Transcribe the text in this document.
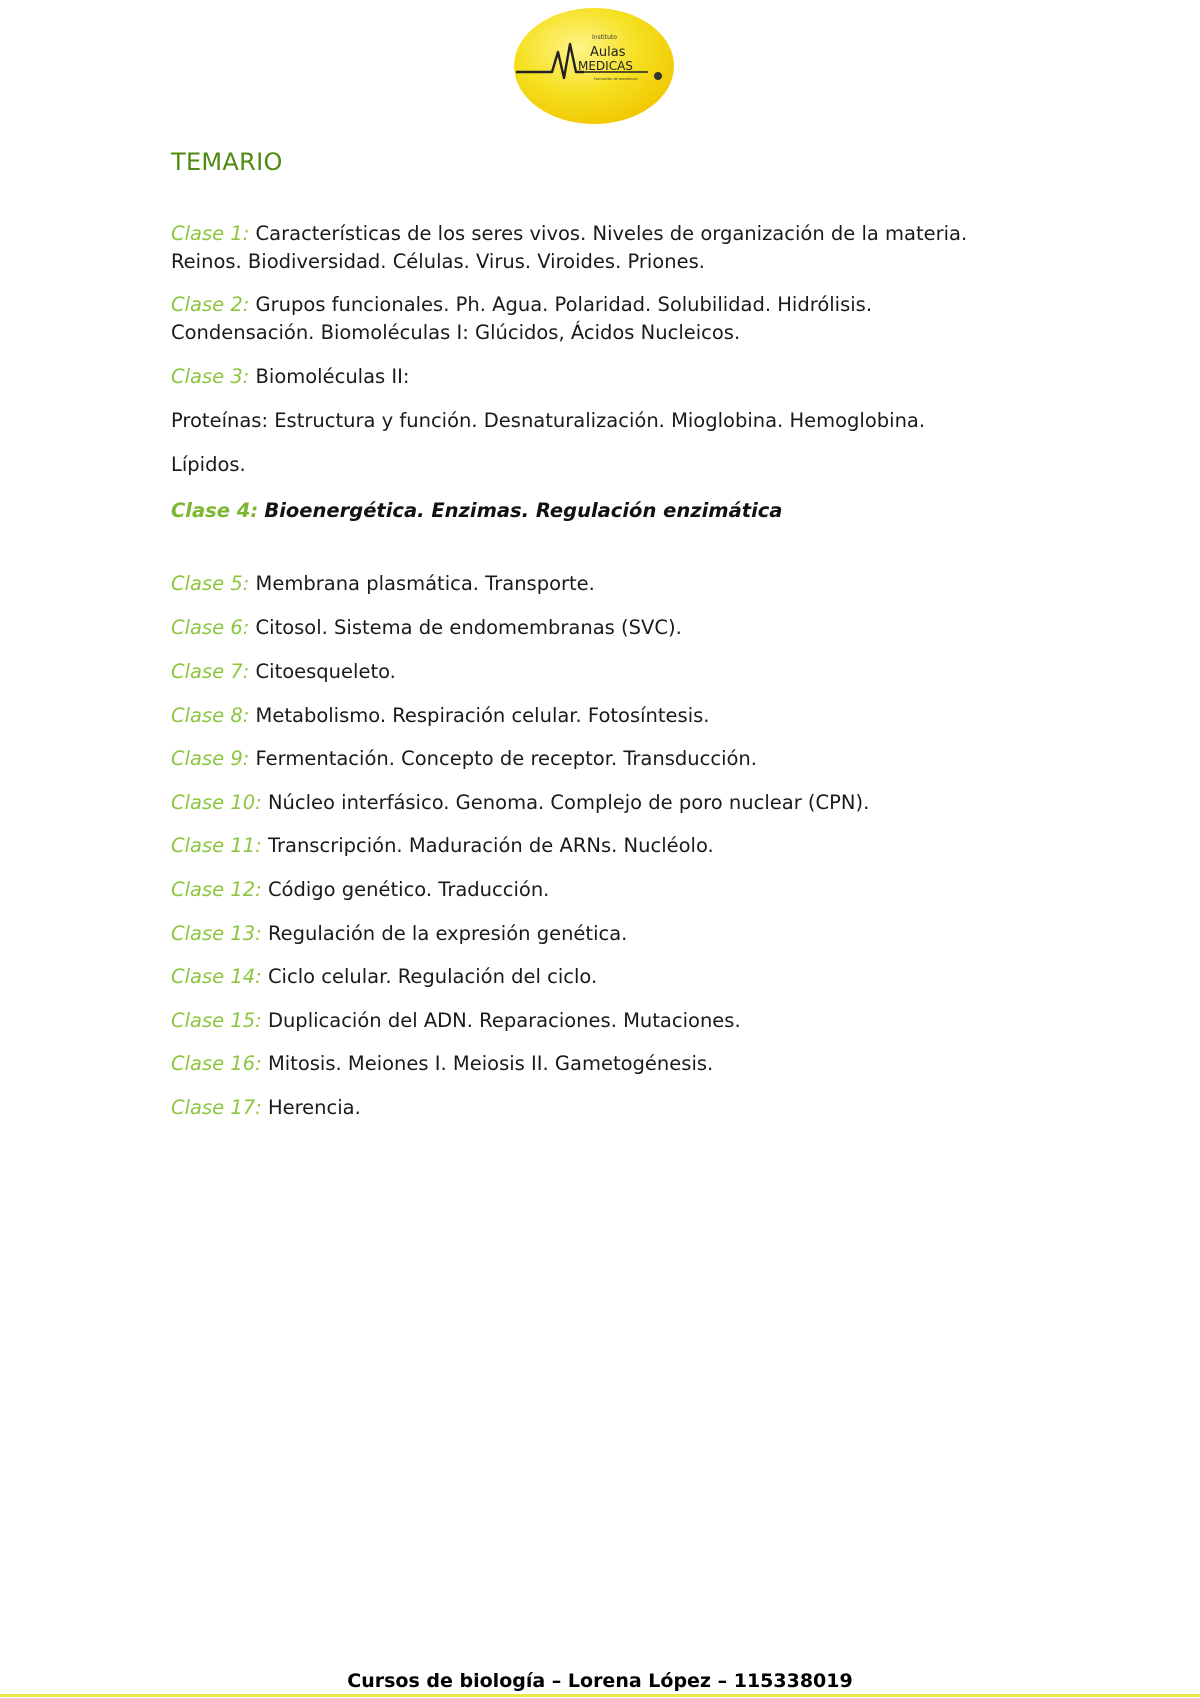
Instituto
Aulas
MEDICAS
Formación de excelencia
TEMARIO

Clase 1: Características de los seres vivos. Niveles de organización de la materia.

Reinos. Biodiversidad. Células. Virus. Viroides. Priones.

Clase 2: Grupos funcionales. Ph. Agua. Polaridad. Solubilidad. Hidrólisis.

Condensación. Biomoléculas I: Glúcidos, Ácidos Nucleicos.

Clase 3: Biomoléculas II:

Proteínas: Estructura y función. Desnaturalización. Mioglobina. Hemoglobina.

Lípidos.

Clase 4: Bioenergética. Enzimas. Regulación enzimática

Clase 5: Membrana plasmática. Transporte.

Clase 6: Citosol. Sistema de endomembranas (SVC).

Clase 7: Citoesqueleto.

Clase 8: Metabolismo. Respiración celular. Fotosíntesis.

Clase 9: Fermentación. Concepto de receptor. Transducción.

Clase 10: Núcleo interfásico. Genoma. Complejo de poro nuclear (CPN).

Clase 11: Transcripción. Maduración de ARNs. Nucléolo.

Clase 12: Código genético. Traducción.

Clase 13: Regulación de la expresión genética.

Clase 14: Ciclo celular. Regulación del ciclo.

Clase 15: Duplicación del ADN. Reparaciones. Mutaciones.

Clase 16: Mitosis. Meiones I. Meiosis II. Gametogénesis.

Clase 17: Herencia.

Cursos de biología – Lorena López – 115338019
